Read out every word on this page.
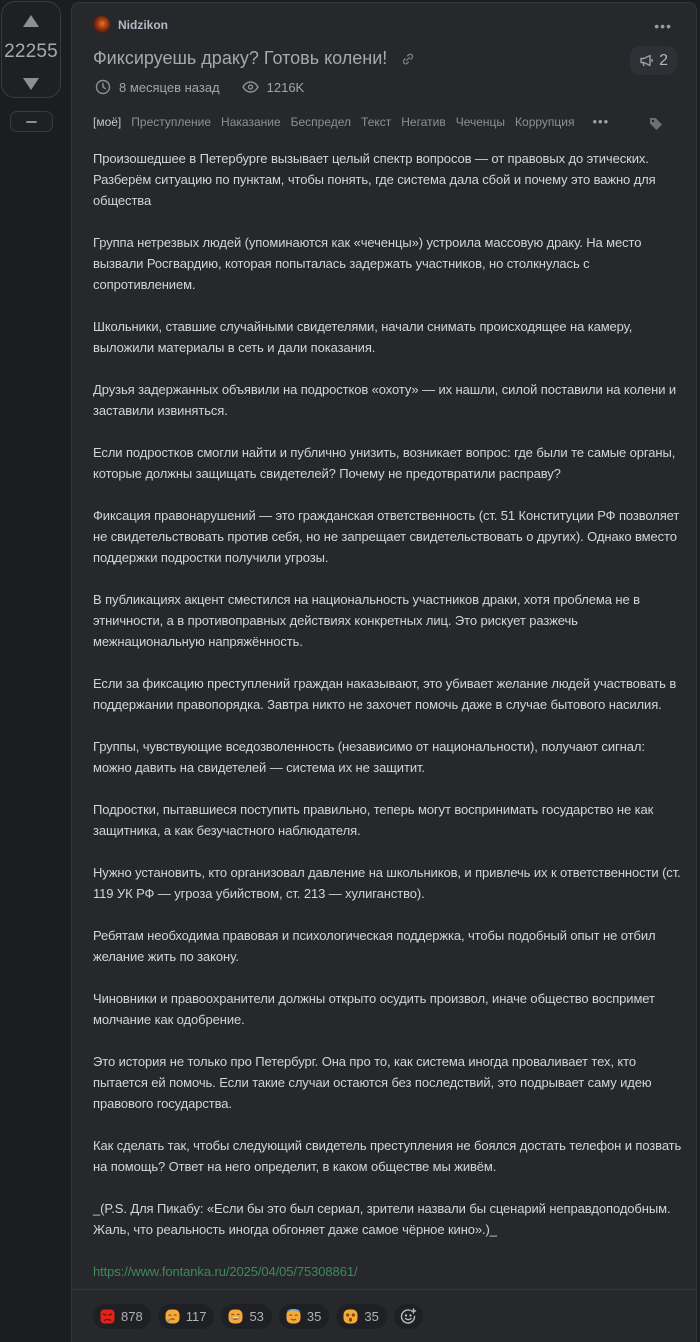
22255
Nidzikon	•••
Фиксируешь драку? Готовь колени!	2
8 месяцев назад	1216K
[моё] Преступление Наказание Беспредел Текст Негатив Чеченцы Коррупция •••

Произошедшее в Петербурге вызывает целый спектр вопросов — от правовых до этических. Разберём ситуацию по пунктам, чтобы понять, где система дала сбой и почему это важно для общества

Группа нетрезвых людей (упоминаются как «чеченцы») устроила массовую драку. На место вызвали Росгвардию, которая попыталась задержать участников, но столкнулась с сопротивлением.

Школьники, ставшие случайными свидетелями, начали снимать происходящее на камеру, выложили материалы в сеть и дали показания.

Друзья задержанных объявили на подростков «охоту» — их нашли, силой поставили на колени и заставили извиняться.

Если подростков смогли найти и публично унизить, возникает вопрос: где были те самые органы, которые должны защищать свидетелей? Почему не предотвратили расправу?

Фиксация правонарушений — это гражданская ответственность (ст. 51 Конституции РФ позволяет не свидетельствовать против себя, но не запрещает свидетельствовать о других). Однако вместо поддержки подростки получили угрозы.

В публикациях акцент сместился на национальность участников драки, хотя проблема не в этничности, а в противоправных действиях конкретных лиц. Это рискует разжечь межнациональную напряжённость.

Если за фиксацию преступлений граждан наказывают, это убивает желание людей участвовать в поддержании правопорядка. Завтра никто не захочет помочь даже в случае бытового насилия.

Группы, чувствующие вседозволенность (независимо от национальности), получают сигнал: можно давить на свидетелей — система их не защитит.

Подростки, пытавшиеся поступить правильно, теперь могут воспринимать государство не как защитника, а как безучастного наблюдателя.

Нужно установить, кто организовал давление на школьников, и привлечь их к ответственности (ст. 119 УК РФ — угроза убийством, ст. 213 — хулиганство).

Ребятам необходима правовая и психологическая поддержка, чтобы подобный опыт не отбил желание жить по закону.

Чиновники и правоохранители должны открыто осудить произвол, иначе общество воспримет молчание как одобрение.

Это история не только про Петербург. Она про то, как система иногда проваливает тех, кто пытается ей помочь. Если такие случаи остаются без последствий, это подрывает саму идею правового государства.

Как сделать так, чтобы следующий свидетель преступления не боялся достать телефон и позвать на помощь? Ответ на него определит, в каком обществе мы живём.

_(P.S. Для Пикабу: «Если бы это был сериал, зрители назвали бы сценарий неправдоподобным. Жаль, что реальность иногда обгоняет даже самое чёрное кино».)_

https://www.fontanka.ru/2025/04/05/75308861/

878	117	53	35	35
